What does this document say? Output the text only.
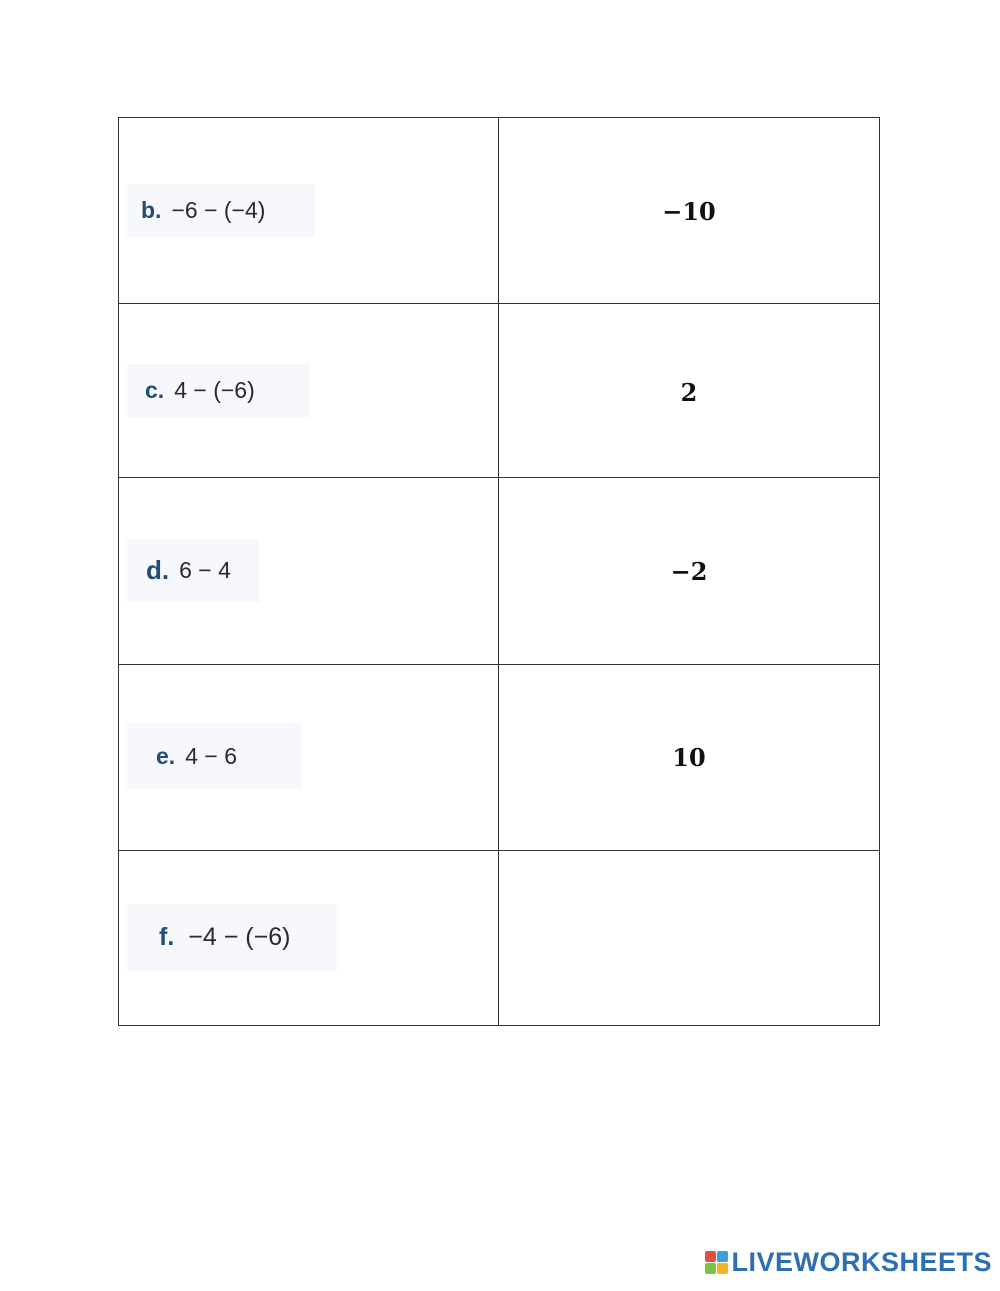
b. −6 − (−4)	−10

c. 4 − (−6)	2

d. 6 − 4	−2

e. 4 − 6	10

f. −4 − (−6)	

LIVEWORKSHEETS
